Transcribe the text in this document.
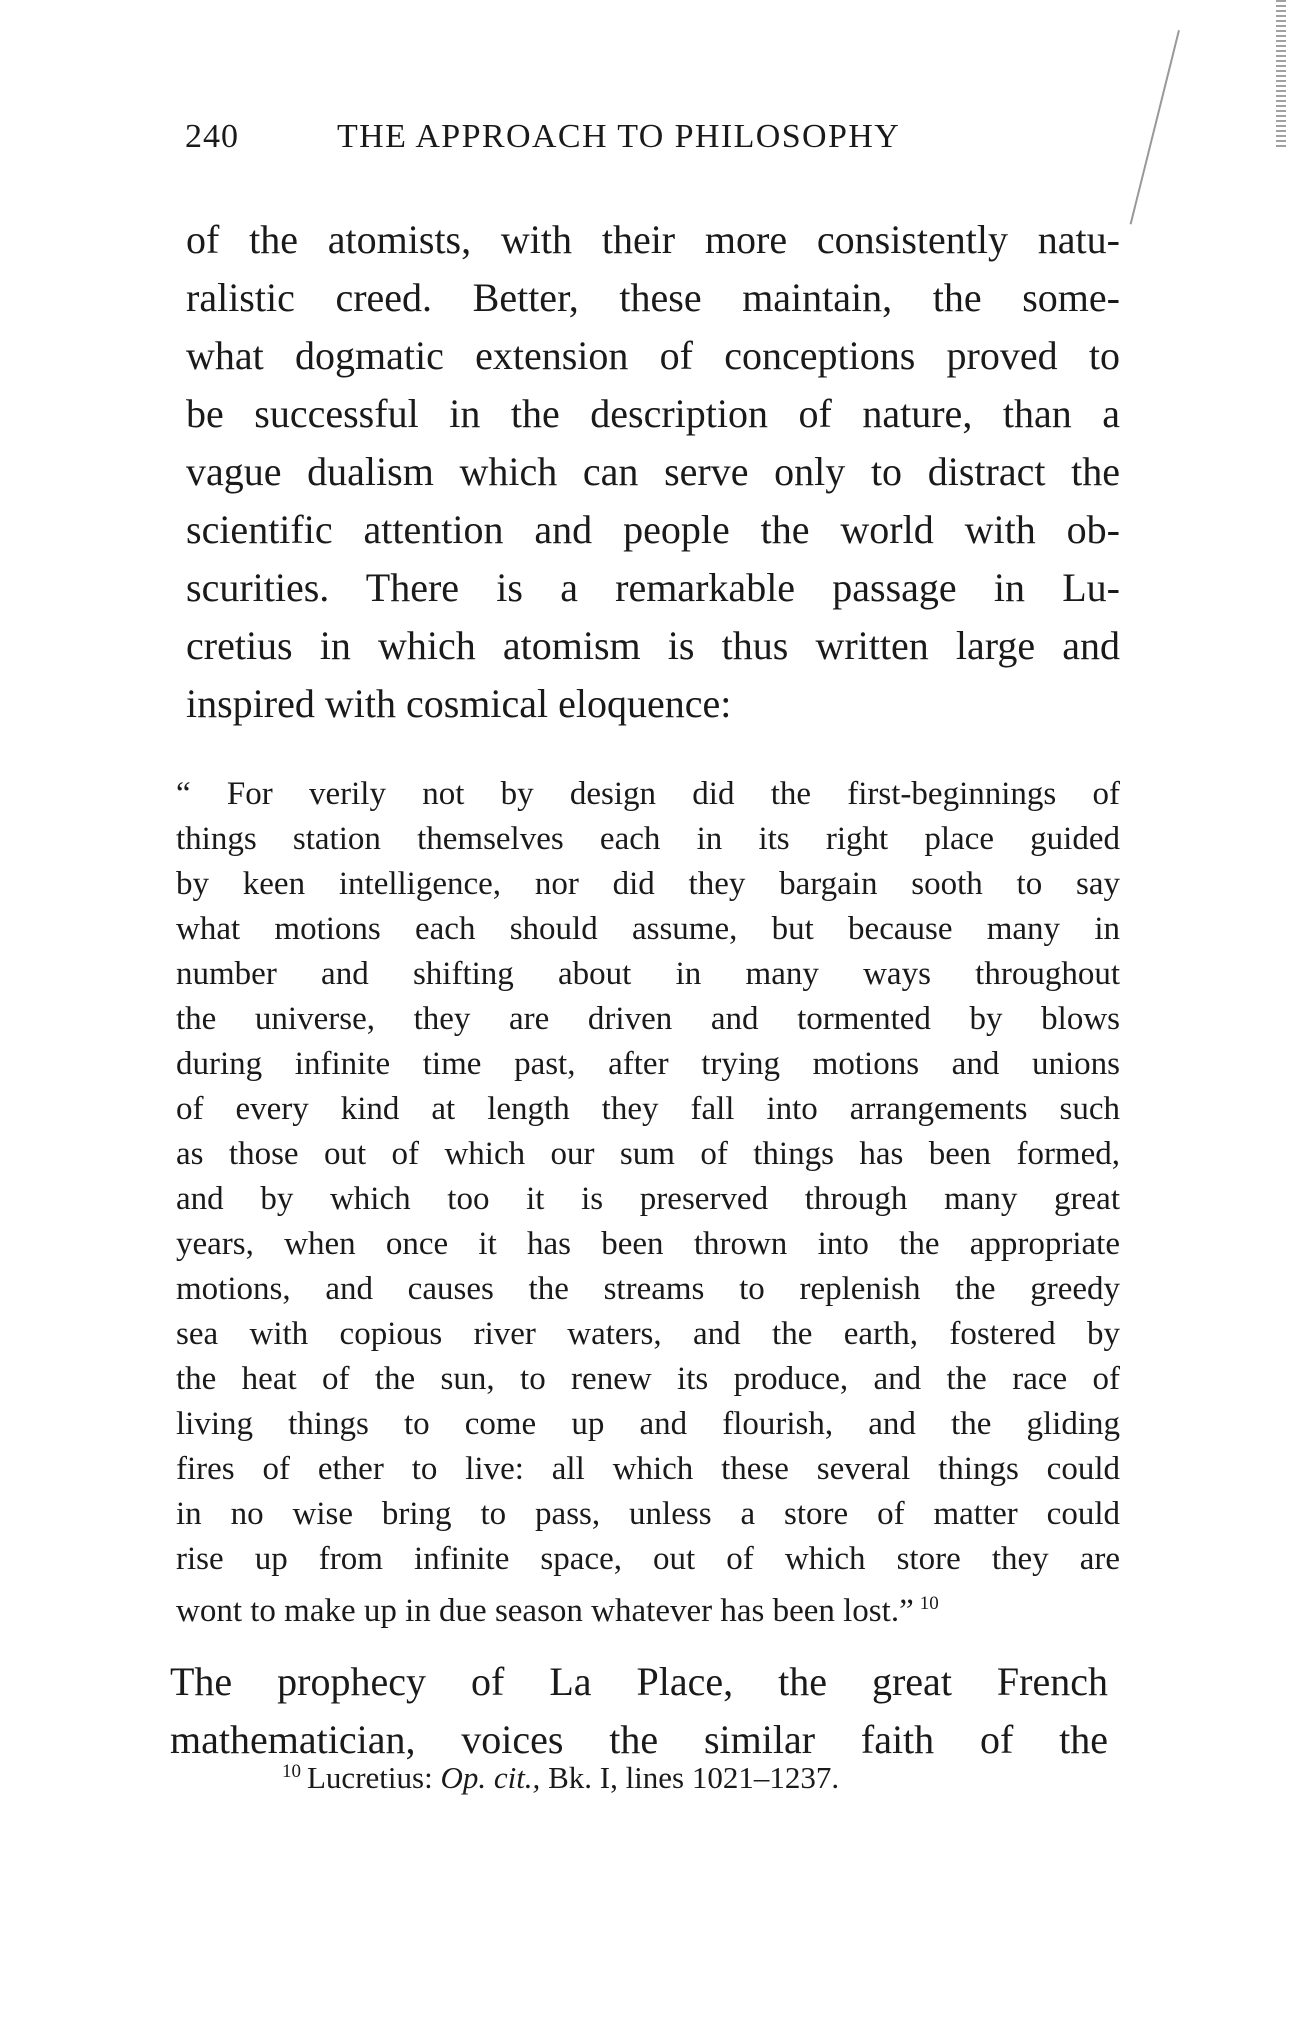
240	THE APPROACH TO PHILOSOPHY
of the atomists, with their more consistently natu-
ralistic creed. Better, these maintain, the some-
what dogmatic extension of conceptions proved to
be successful in the description of nature, than a
vague dualism which can serve only to distract the
scientific attention and people the world with ob-
scurities. There is a remarkable passage in Lu-
cretius in which atomism is thus written large and
inspired with cosmical eloquence:
“ For verily not by design did the first-beginnings of
things station themselves each in its right place guided
by keen intelligence, nor did they bargain sooth to say
what motions each should assume, but because many in
number and shifting about in many ways throughout
the universe, they are driven and tormented by blows
during infinite time past, after trying motions and unions
of every kind at length they fall into arrangements such
as those out of which our sum of things has been formed,
and by which too it is preserved through many great
years, when once it has been thrown into the appropriate
motions, and causes the streams to replenish the greedy
sea with copious river waters, and the earth, fostered by
the heat of the sun, to renew its produce, and the race of
living things to come up and flourish, and the gliding
fires of ether to live: all which these several things could
in no wise bring to pass, unless a store of matter could
rise up from infinite space, out of which store they are
wont to make up in due season whatever has been lost.” $^{10}$
The prophecy of La Place, the great French
mathematician, voices the similar faith of the
$^{10}$ Lucretius: Op. cit., Bk. I, lines 1021–1237.
